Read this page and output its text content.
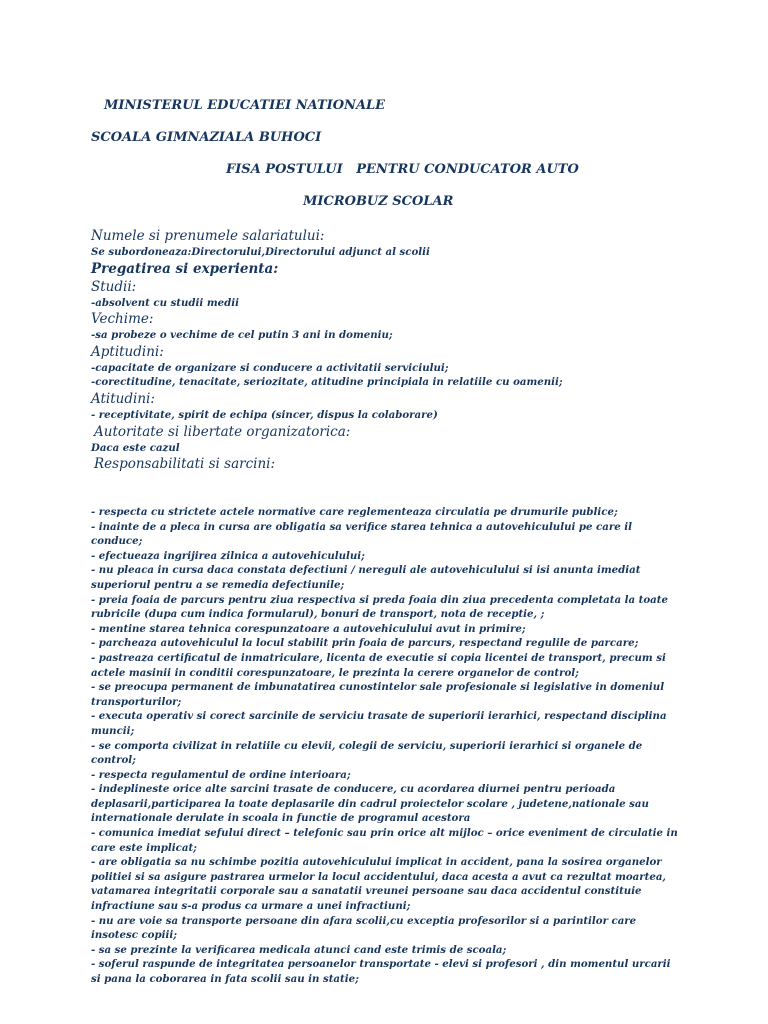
MINISTERUL EDUCATIEI NATIONALE
SCOALA GIMNAZIALA BUHOCI
FISA POSTULUI   PENTRU CONDUCATOR AUTO
MICROBUZ SCOLAR
Numele si prenumele salariatului:
Se subordoneaza:Directorului,Directorului adjunct al scolii
Pregatirea si experienta:
Studii:
-absolvent cu studii medii
Vechime:
-sa probeze o vechime de cel putin 3 ani in domeniu;
Aptitudini:
-capacitate de organizare si conducere a activitatii serviciului;
-corectitudine, tenacitate, seriozitate, atitudine principiala in relatiile cu oamenii;
Atitudini:
- receptivitate, spirit de echipa (sincer, dispus la colaborare)
Autoritate si libertate organizatorica:
Daca este cazul
Responsabilitati si sarcini:

- respecta cu strictete actele normative care reglementeaza circulatia pe drumurile publice;

- inainte de a pleca in cursa are obligatia sa verifice starea tehnica a autovehiculului pe care il conduce;

- efectueaza ingrijirea zilnica a autovehiculului;

- nu pleaca in cursa daca constata defectiuni / nereguli ale autovehiculului si isi anunta imediat superiorul pentru a se remedia defectiunile;

- preia foaia de parcurs pentru ziua respectiva si preda foaia din ziua precedenta completata la toate rubricile (dupa cum indica formularul), bonuri de transport, nota de receptie, ;

- mentine starea tehnica corespunzatoare a autovehiculului avut in primire;

- parcheaza autovehiculul la locul stabilit prin foaia de parcurs, respectand regulile de parcare;

- pastreaza certificatul de inmatriculare, licenta de executie si copia licentei de transport, precum si actele masinii in conditii corespunzatoare, le prezinta la cerere organelor de control;

- se preocupa permanent de imbunatatirea cunostintelor sale profesionale si legislative in domeniul transporturilor;

- executa operativ si corect sarcinile de serviciu trasate de superiorii ierarhici, respectand disciplina muncii;

- se comporta civilizat in relatiile cu elevii, colegii de serviciu, superiorii ierarhici si organele de control;

- respecta regulamentul de ordine interioara;

- indeplineste orice alte sarcini trasate de conducere, cu acordarea diurnei pentru perioada deplasarii,participarea la toate deplasarile din cadrul proiectelor scolare , judetene,nationale sau internationale derulate in scoala in functie de programul acestora

- comunica imediat sefului direct – telefonic sau prin orice alt mijloc – orice eveniment de circulatie in care este implicat;

- are obligatia sa nu schimbe pozitia autovehiculului implicat in accident, pana la sosirea organelor politiei si sa asigure pastrarea urmelor la locul accidentului, daca acesta a avut ca rezultat moartea, vatamarea integritatii corporale sau a sanatatii vreunei persoane sau daca accidentul constituie infractiune sau s-a produs ca urmare a unei infractiuni;

- nu are voie sa transporte persoane din afara scolii,cu exceptia profesorilor si a parintilor care insotesc copiii;

- sa se prezinte la verificarea medicala atunci cand este trimis de scoala;

- soferul raspunde de integritatea persoanelor transportate - elevi si profesori , din momentul urcarii si pana la coborarea in fata scolii sau in statie;
